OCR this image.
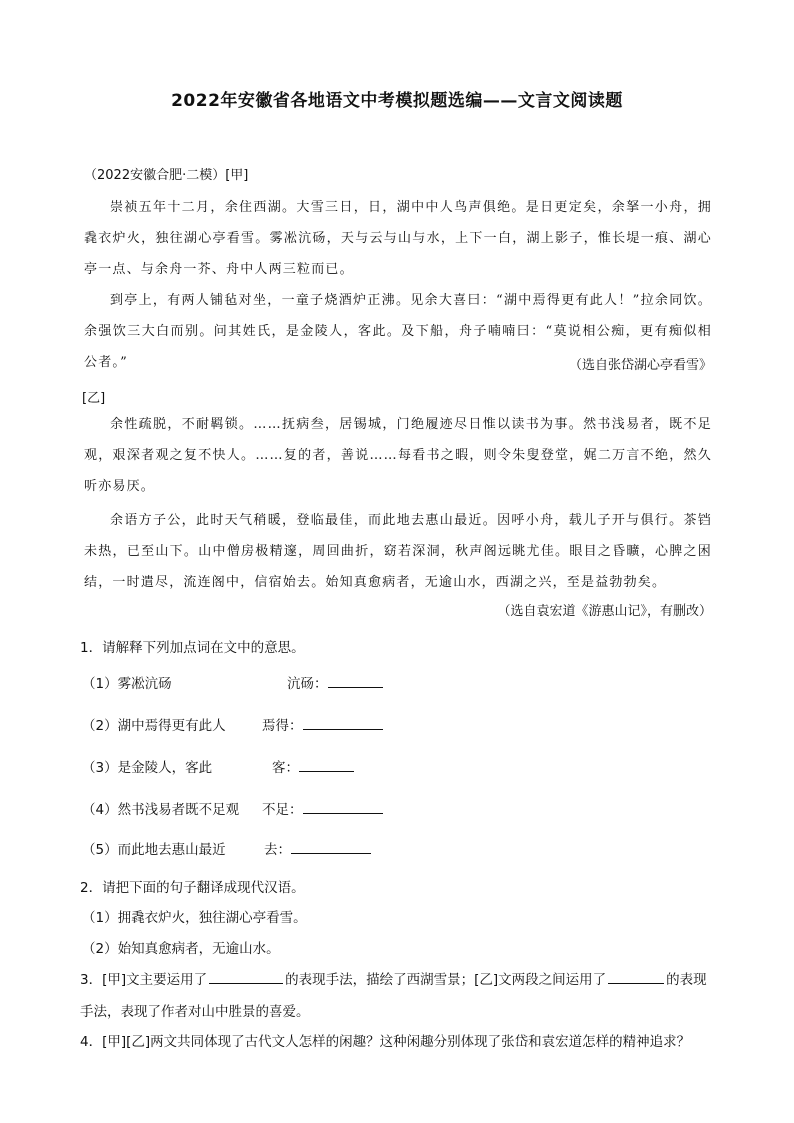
2022年安徽省各地语文中考模拟题选编——文言文阅读题
（2022安徽合肥·二模）[甲]
崇祯五年十二月，余住西湖。大雪三日，日，湖中中人鸟声俱绝。是日更定矣，余拏一小舟，拥毳衣炉火，独往湖心亭看雪。雾凇沆砀，天与云与山与水，上下一白，湖上影子，惟长堤一痕、湖心亭一点、与余舟一芥、舟中人两三粒而已。
到亭上，有两人铺毡对坐，一童子烧酒炉正沸。见余大喜曰：“湖中焉得更有此人！”拉余同饮。余强饮三大白而别。问其姓氏，是金陵人，客此。及下船，舟子喃喃曰：“莫说相公痴，更有痴似相公者。”	（选自张岱湖心亭看雪》
[乙]
余性疏脱，不耐羁锁。……抚病叁，居锡城，门绝履迹尽日惟以读书为事。然书浅易者，既不足观，艰深者观之复不快人。……复的者，善说……每看书之暇，则令朱叟登堂，娓二万言不绝，然久听亦易厌。
余语方子公，此时天气稍暖，登临最佳，而此地去惠山最近。因呼小舟，载儿子开与俱行。茶铛未热，已至山下。山中僧房极精邃，周回曲折，窈若深洞，秋声阁远眺尤佳。眼目之昏曠，心脾之困结，一时遣尽，流连阁中，信宿始去。始知真愈病者，无逾山水，西湖之兴，至是益勃勃矣。
（选自袁宏道《游惠山记》，有删改）
1．请解释下列加点词在文中的意思。
（1）雾凇沆砀	沆砀：
（2）湖中焉得更有此人	焉得：
（3）是金陵人，客此	客：
（4）然书浅易者既不足观 不足：
（5）而此地去惠山最近	去：
2．请把下面的句子翻译成现代汉语。
（1）拥毳衣炉火，独往湖心亭看雪。
（2）始知真愈病者，无逾山水。
3．[甲]文主要运用了	的表现手法，描绘了西湖雪景；[乙]文两段之间运用了	的表现
手法，表现了作者对山中胜景的喜爱。
4．[甲][乙]两文共同体现了古代文人怎样的闲趣？这种闲趣分别体现了张岱和袁宏道怎样的精神追求？
